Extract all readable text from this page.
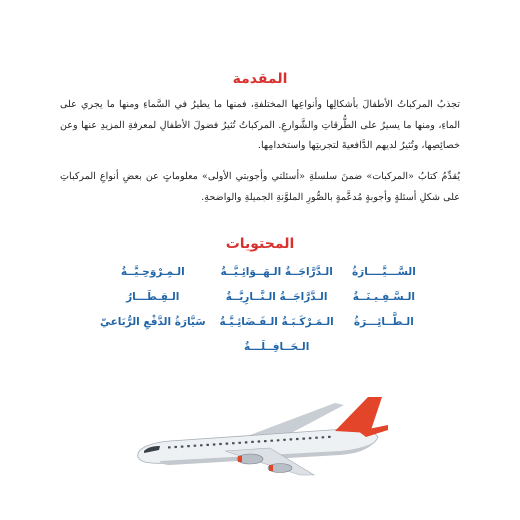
المقدمة

تجذبُ المركباتُ الأطفالَ بأشكالِها وأنواعِها المختلفةِ، فمنها ما يطيرُ في السَّماءِ ومنها ما يجري على الماءِ، ومنها ما يسيرُ على الطُّرقاتِ والشَّوارعِ. المركباتُ تُثيرُ فضولَ الأطفالِ لمعرفةِ المزيدِ عنها وعن خصائِصِها، وتُثيرُ لديهم الدَّافعيةَ لتجربتِها واستخدامِها.

يُقدِّمُ كتابُ «المركبات» ضمنَ سلسلةِ «أسئلتي وأجوبتي الأولى» معلوماتٍ عن بعضِ أنواعِ المركباتِ على شكلِ أسئلةٍ وأجوبةٍ مُدعَّمةٍ بالصُّورِ الملوَّنةِ الجميلةِ والواضحةِ.

المحتويات
السَّـــيَّــــارَةُ
الـدَّرَّاجَــةُ الـهَــوَائِـيَّــةُ
الـمِـرْوَحِـيَّــةُ
الـسَّـفِـيـنَــةُ
الـدَّرَّاجَــةُ الـنَّــارِيَّــةُ
الـقِـطَـــارُ
الـطَّــائِـــرَةُ
الـمَـرْكَـبَـةُ الـفَـضَائِـيَّـةُ
سَيَّارَةُ الدَّفْعِ الرُّبَاعيّ
الـحَــافِــلَـــةُ
